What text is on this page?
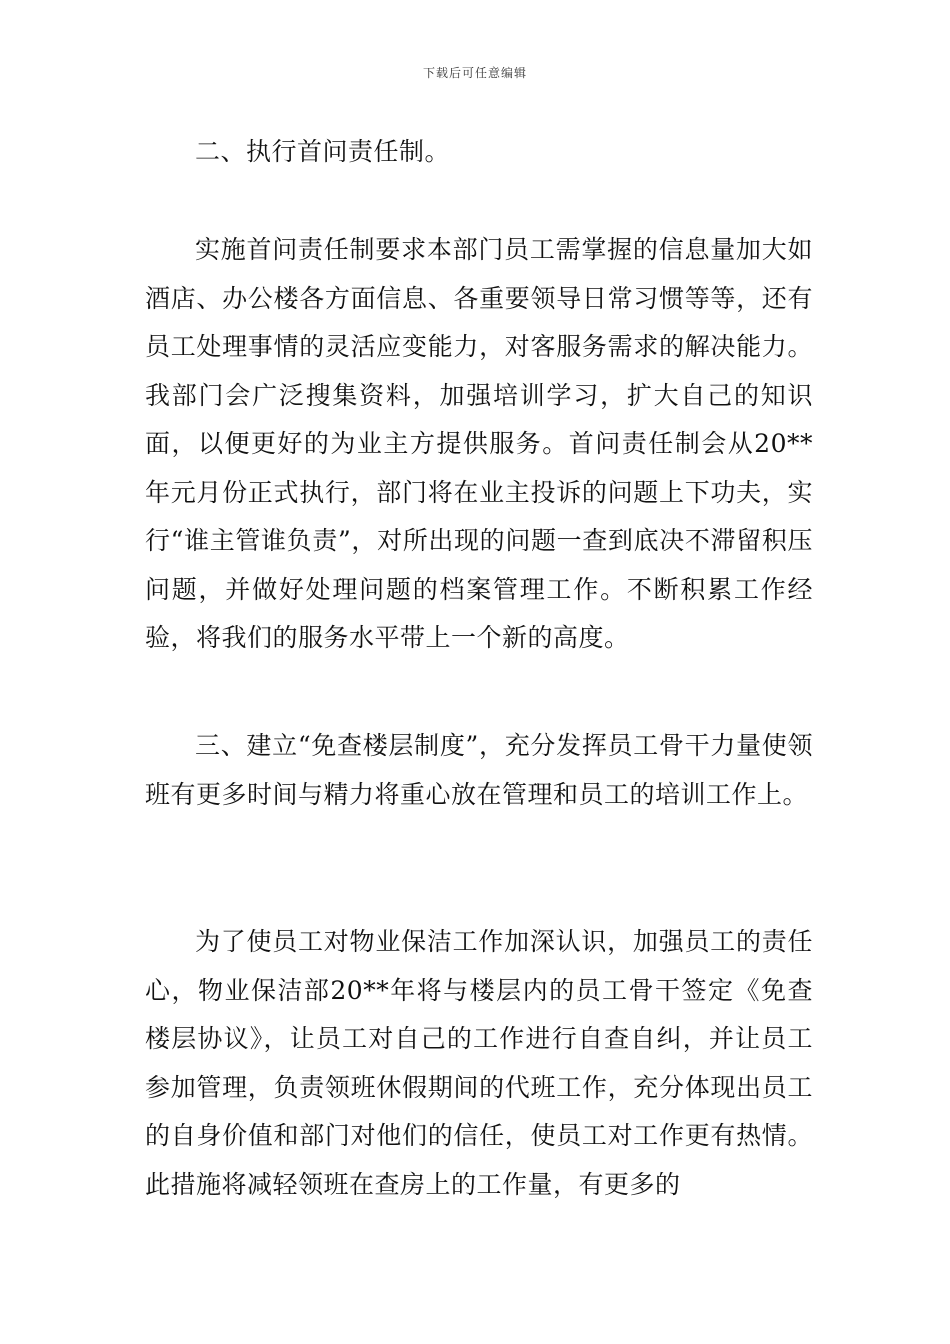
下载后可任意编辑

二、执行首问责任制。

实施首问责任制要求本部门员工需掌握的信息量加大如酒店、办公楼各方面信息、各重要领导日常习惯等等，还有员工处理事情的灵活应变能力，对客服务需求的解决能力。我部门会广泛搜集资料，加强培训学习，扩大自己的知识面，以便更好的为业主方提供服务。首问责任制会从20**年元月份正式执行，部门将在业主投诉的问题上下功夫，实行“谁主管谁负责”，对所出现的问题一查到底决不滞留积压问题，并做好处理问题的档案管理工作。不断积累工作经验，将我们的服务水平带上一个新的高度。

三、建立“免查楼层制度”，充分发挥员工骨干力量使领班有更多时间与精力将重心放在管理和员工的培训工作上。

为了使员工对物业保洁工作加深认识，加强员工的责任心，物业保洁部20**年将与楼层内的员工骨干签定《免查楼层协议》，让员工对自己的工作进行自查自纠，并让员工参加管理，负责领班休假期间的代班工作，充分体现出员工的自身价值和部门对他们的信任，使员工对工作更有热情。此措施将减轻领班在查房上的工作量，有更多的
